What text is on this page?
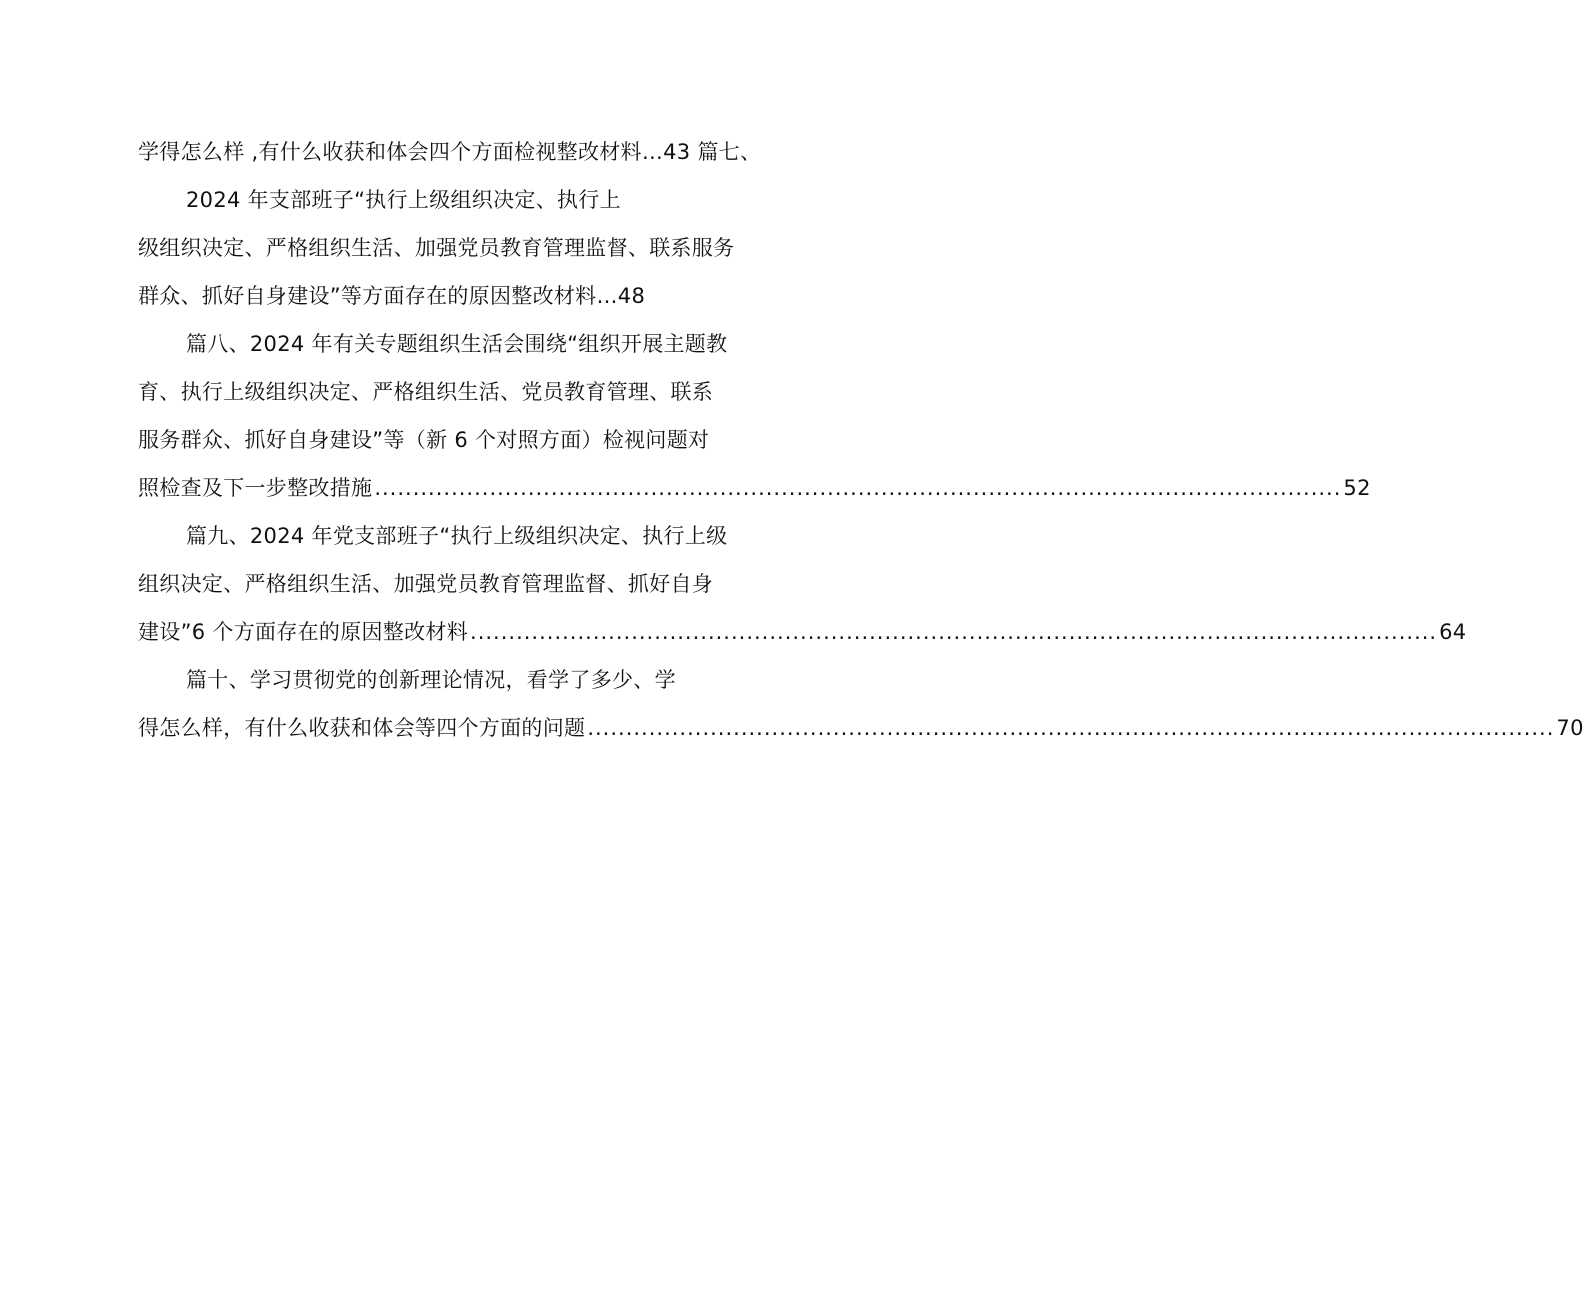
学得怎么样 ,有什么收获和体会四个方面检视整改材料…43 篇七、
2024 年支部班子“执行上级组织决定、执行上
级组织决定、严格组织生活、加强党员教育管理监督、联系服务
群众、抓好自身建设”等方面存在的原因整改材料…48
篇八、2024 年有关专题组织生活会围绕“组织开展主题教
育、执行上级组织决定、严格组织生活、党员教育管理、联系
服务群众、抓好自身建设”等（新 6 个对照方面）检视问题对
照检查及下一步整改措施 .............................................................................................................................. 52
篇九、2024 年党支部班子“执行上级组织决定、执行上级
组织决定、严格组织生活、加强党员教育管理监督、抓好自身
建设”6 个方面存在的原因整改材料 .............................................................................................................................. 64
篇十、学习贯彻党的创新理论情况，看学了多少、学
得怎么样，有什么收获和体会等四个方面的问题 .............................................................................................................................. 70
